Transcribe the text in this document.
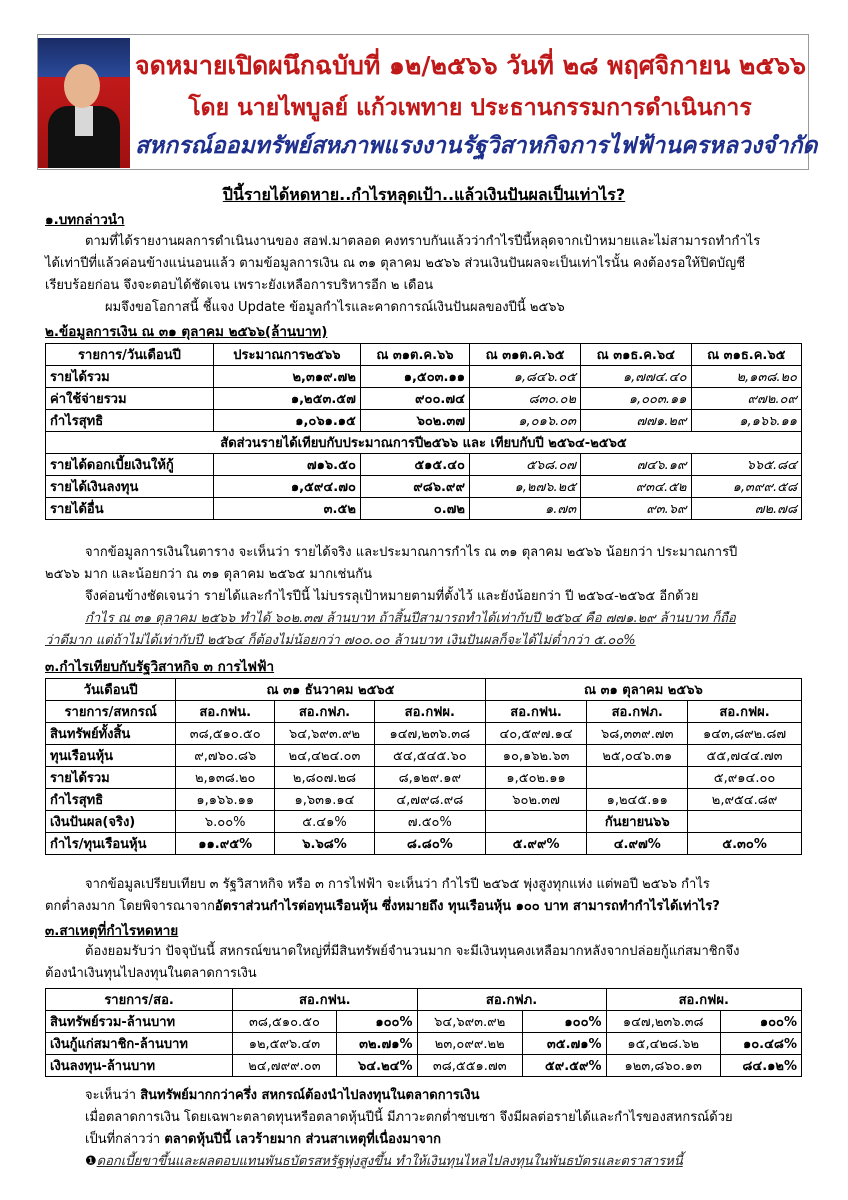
จดหมายเปิดผนึกฉบับที่ ๑๒/๒๕๖๖ วันที่ ๒๘ พฤศจิกายน ๒๕๖๖
โดย นายไพบูลย์ แก้วเพทาย ประธานกรรมการดำเนินการ
สหกรณ์ออมทรัพย์สหภาพแรงงานรัฐวิสาหกิจการไฟฟ้านครหลวงจำกัด
ปีนี้รายได้หดหาย..กำไรหลุดเป้า..แล้วเงินปันผลเป็นเท่าไร?
๑.บทกล่าวนำ
ตามที่ได้รายงานผลการดำเนินงานของ สอฟ.มาตลอด คงทราบกันแล้วว่ากำไรปีนี้หลุดจากเป้าหมายและไม่สามารถทำกำไร
ได้เท่าปีที่แล้วค่อนข้างแน่นอนแล้ว ตามข้อมูลการเงิน ณ ๓๑ ตุลาคม ๒๕๖๖ ส่วนเงินปันผลจะเป็นเท่าไรนั้น คงต้องรอให้ปิดบัญชี
เรียบร้อยก่อน จึงจะตอบได้ชัดเจน เพราะยังเหลือการบริหารอีก ๒ เดือน
ผมจึงขอโอกาสนี้ ชี้แจง Update ข้อมูลกำไรและคาดการณ์เงินปันผลของปีนี้ ๒๕๖๖
๒.ข้อมูลการเงิน ณ ๓๑ ตุลาคม ๒๕๖๖(ล้านบาท)
รายการ/วันเดือนปี	ประมาณการ๒๕๖๖	ณ ๓๑ต.ค.๖๖	ณ ๓๑ต.ค.๖๕	ณ ๓๑ธ.ค.๖๔	ณ ๓๑ธ.ค.๖๕
รายได้รวม	๒,๓๑๙.๗๒	๑,๕๐๓.๑๑	๑,๘๔๖.๐๕	๑,๗๗๔.๔๐	๒,๑๓๘.๒๐
ค่าใช้จ่ายรวม	๑,๒๕๓.๕๗	๙๐๐.๗๔	๘๓๐.๐๒	๑,๐๐๓.๑๑	๙๗๒.๐๙
กำไรสุทธิ	๑,๐๖๑.๑๕	๖๐๒.๓๗	๑,๐๑๖.๐๓	๗๗๑.๒๙	๑,๑๖๖.๑๑
สัดส่วนรายได้เทียบกับประมาณการปี๒๕๖๖ และ เทียบกับปี ๒๕๖๔-๒๕๖๕					
รายได้ดอกเบี้ยเงินให้กู้	๗๑๖.๕๐	๕๑๕.๔๐	๕๖๘.๐๗	๗๔๖.๑๙	๖๖๕.๘๔
รายได้เงินลงทุน	๑,๕๙๔.๗๐	๙๘๖.๙๙	๑,๒๗๖.๒๕	๙๓๔.๕๒	๑,๓๙๙.๕๘
รายได้อื่น	๓.๕๒	๐.๗๒	๑.๗๓	๙๓.๖๙	๗๒.๗๘
จากข้อมูลการเงินในตาราง จะเห็นว่า รายได้จริง และประมาณการกำไร ณ ๓๑ ตุลาคม ๒๕๖๖ น้อยกว่า ประมาณการปี
๒๕๖๖ มาก และน้อยกว่า ณ ๓๑ ตุลาคม ๒๕๖๕ มากเช่นกัน
จึงค่อนข้างชัดเจนว่า รายได้และกำไรปีนี้ ไม่บรรลุเป้าหมายตามที่ตั้งไว้ และยังน้อยกว่า ปี ๒๕๖๔-๒๕๖๕ อีกด้วย
กำไร ณ ๓๑ ตุลาคม ๒๕๖๖ ทำได้ ๖๐๒.๓๗ ล้านบาท ถ้าสิ้นปีสามารถทำได้เท่ากับปี ๒๕๖๔ คือ ๗๗๑.๒๙ ล้านบาท ก็ถือ
ว่าดีมาก แต่ถ้าไม่ได้เท่ากับปี ๒๕๖๔ ก็ต้องไม่น้อยกว่า ๗๐๐.๐๐ ล้านบาท เงินปันผลก็จะได้ไม่ต่ำกว่า ๕.๐๐%
๓.กำไรเทียบกับรัฐวิสาหกิจ ๓ การไฟฟ้า
วันเดือนปี	ณ ๓๑ ธันวาคม ๒๕๖๕			ณ ๓๑ ตุลาคม ๒๕๖๖		
รายการ/สหกรณ์	สอ.กฟน.	สอ.กฟภ.	สอ.กฟผ.	สอ.กฟน.	สอ.กฟภ.	สอ.กฟผ.
สินทรัพย์ทั้งสิ้น	๓๘,๕๑๐.๕๐	๖๔,๖๙๓.๙๒	๑๔๗,๒๓๖.๓๘	๔๐,๕๙๗.๑๔	๖๘,๓๓๙.๗๓	๑๔๓,๘๙๒.๘๗
ทุนเรือนหุ้น	๙,๗๖๐.๘๖	๒๔,๔๒๔.๐๓	๕๔,๕๔๕.๖๐	๑๐,๑๖๒.๖๓	๒๕,๐๔๖.๓๑	๕๕,๗๔๔.๗๓
รายได้รวม	๒,๑๓๘.๒๐	๒,๘๐๗.๒๘	๘,๑๒๙.๑๙	๑,๕๐๒.๑๑		๕,๙๑๔.๐๐
กำไรสุทธิ	๑,๑๖๖.๑๑	๑,๖๓๑.๑๔	๔,๗๙๘.๙๘	๖๐๒.๓๗	๑,๒๔๕.๑๑	๒,๙๕๔.๘๙
เงินปันผล(จริง)	๖.๐๐%	๕.๔๑%	๗.๕๐%		กันยายน๖๖	
กำไร/ทุนเรือนหุ้น	๑๑.๙๕%	๖.๖๘%	๘.๘๐%	๕.๙๙%	๔.๙๗%	๕.๓๐%
จากข้อมูลเปรียบเทียบ ๓ รัฐวิสาหกิจ หรือ ๓ การไฟฟ้า จะเห็นว่า กำไรปี ๒๕๖๕ พุ่งสูงทุกแห่ง แต่พอปี ๒๕๖๖ กำไร
ตกต่ำลงมาก โดยพิจารณาจากอัตราส่วนกำไรต่อทุนเรือนหุ้น ซึ่งหมายถึง ทุนเรือนหุ้น ๑๐๐ บาท สามารถทำกำไรได้เท่าไร?
๓.สาเหตุที่กำไรหดหาย
ต้องยอมรับว่า ปัจจุบันนี้ สหกรณ์ขนาดใหญ่ที่มีสินทรัพย์จำนวนมาก จะมีเงินทุนคงเหลือมากหลังจากปล่อยกู้แก่สมาชิกจึง
ต้องนำเงินทุนไปลงทุนในตลาดการเงิน
รายการ/สอ.	สอ.กฟน.		สอ.กฟภ.		สอ.กฟผ.	
สินทรัพย์รวม-ล้านบาท	๓๘,๕๑๐.๕๐	๑๐๐%	๖๔,๖๙๓.๙๒	๑๐๐%	๑๔๗,๒๓๖.๓๘	๑๐๐%
เงินกู้แก่สมาชิก-ล้านบาท	๑๒,๕๙๖.๔๓	๓๒.๗๑%	๒๓,๐๙๙.๒๒	๓๕.๗๑%	๑๕,๔๒๘.๖๒	๑๐.๔๘%
เงินลงทุน-ล้านบาท	๒๔,๗๙๙.๐๓	๖๔.๒๔%	๓๘,๕๕๑.๗๓	๕๙.๕๙%	๑๒๓,๘๖๐.๑๓	๘๔.๑๒%
จะเห็นว่า สินทรัพย์มากกว่าครึ่ง สหกรณ์ต้องนำไปลงทุนในตลาดการเงิน
เมื่อตลาดการเงิน โดยเฉพาะตลาดทุนหรือตลาดหุ้นปีนี้ มีภาวะตกต่ำซบเซา จึงมีผลต่อรายได้และกำไรของสหกรณ์ด้วย
เป็นที่กล่าวว่า ตลาดหุ้นปีนี้ เลวร้ายมาก ส่วนสาเหตุที่เนื่องมาจาก
❶ดอกเบี้ยขาขึ้นและผลตอบแทนพันธบัตรสหรัฐพุ่งสูงขึ้น ทำให้เงินทุนไหลไปลงทุนในพันธบัตรและตราสารหนี้
